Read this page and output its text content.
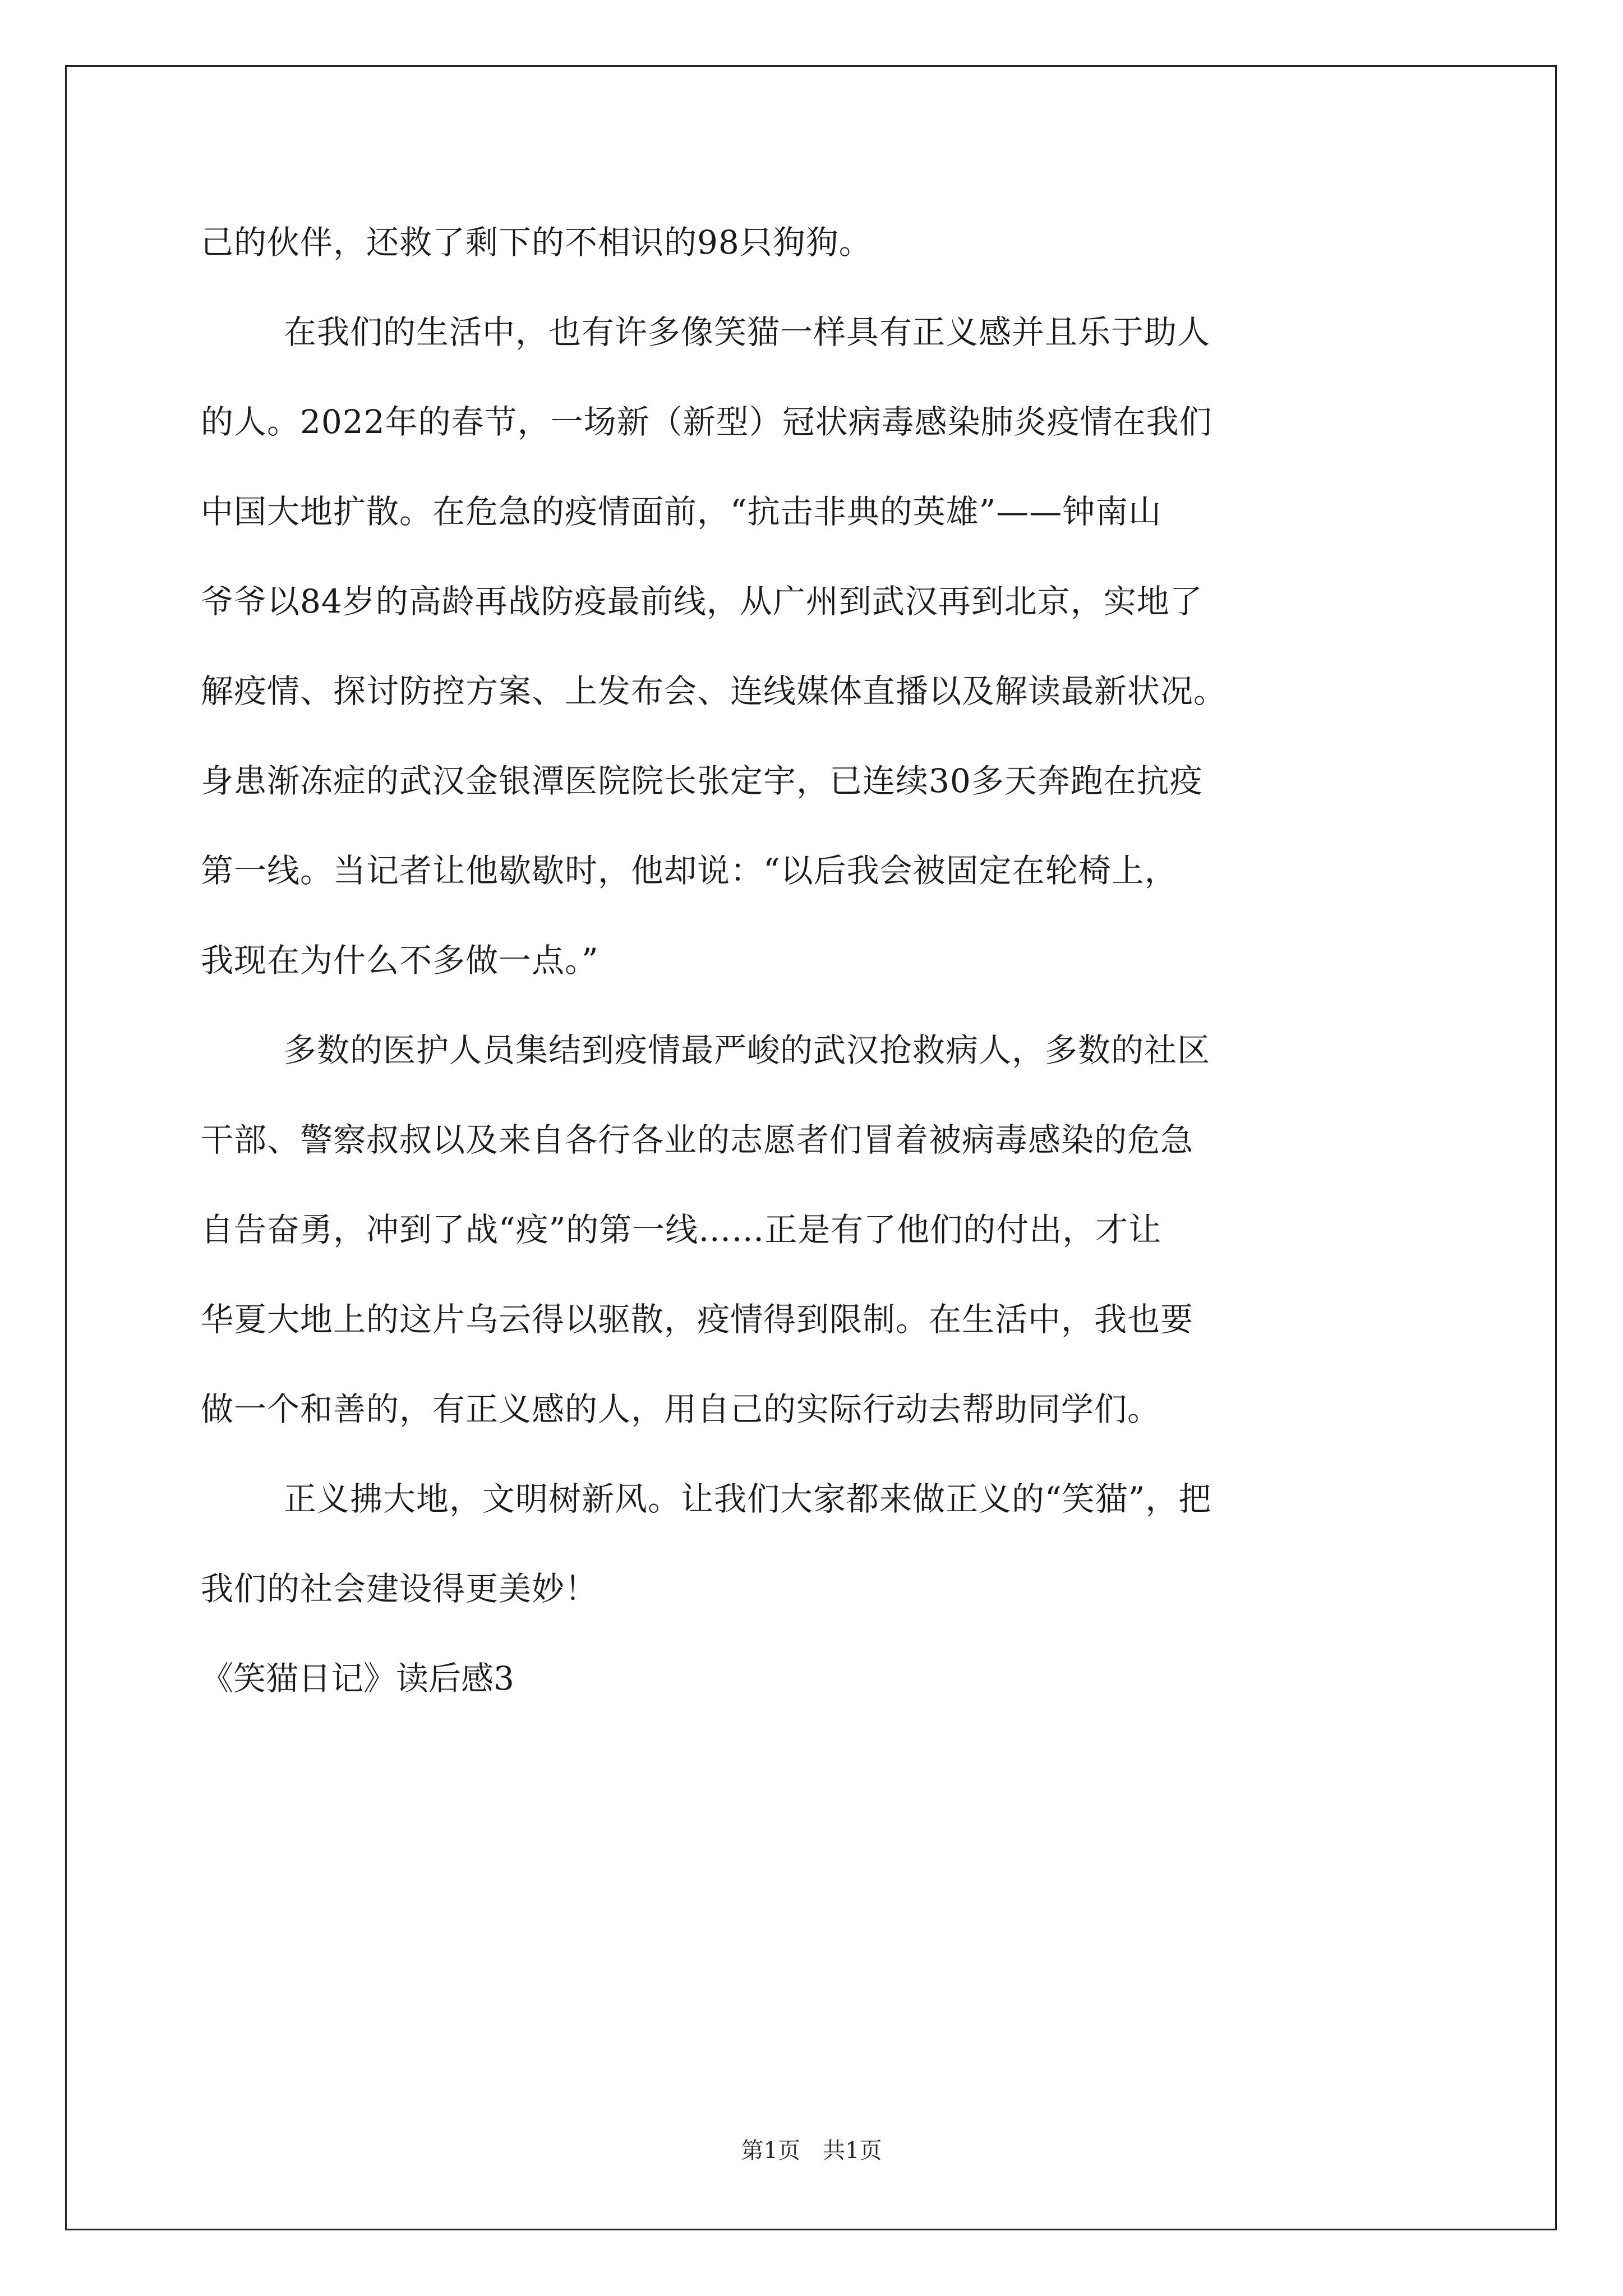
己的伙伴，还救了剩下的不相识的98只狗狗。
在我们的生活中，也有许多像笑猫一样具有正义感并且乐于助人
的人。2022年的春节，一场新（新型）冠状病毒感染肺炎疫情在我们
中国大地扩散。在危急的疫情面前，“抗击非典的英雄”——钟南山
爷爷以84岁的高龄再战防疫最前线，从广州到武汉再到北京，实地了
解疫情、探讨防控方案、上发布会、连线媒体直播以及解读最新状况。
身患渐冻症的武汉金银潭医院院长张定宇，已连续30多天奔跑在抗疫
第一线。当记者让他歇歇时，他却说：“以后我会被固定在轮椅上，
我现在为什么不多做一点。”
多数的医护人员集结到疫情最严峻的武汉抢救病人，多数的社区
干部、警察叔叔以及来自各行各业的志愿者们冒着被病毒感染的危急
自告奋勇，冲到了战“疫”的第一线……正是有了他们的付出，才让
华夏大地上的这片乌云得以驱散，疫情得到限制。在生活中，我也要
做一个和善的，有正义感的人，用自己的实际行动去帮助同学们。
正义拂大地，文明树新风。让我们大家都来做正义的“笑猫”，把
我们的社会建设得更美妙！
《笑猫日记》读后感3
第1页　共1页
